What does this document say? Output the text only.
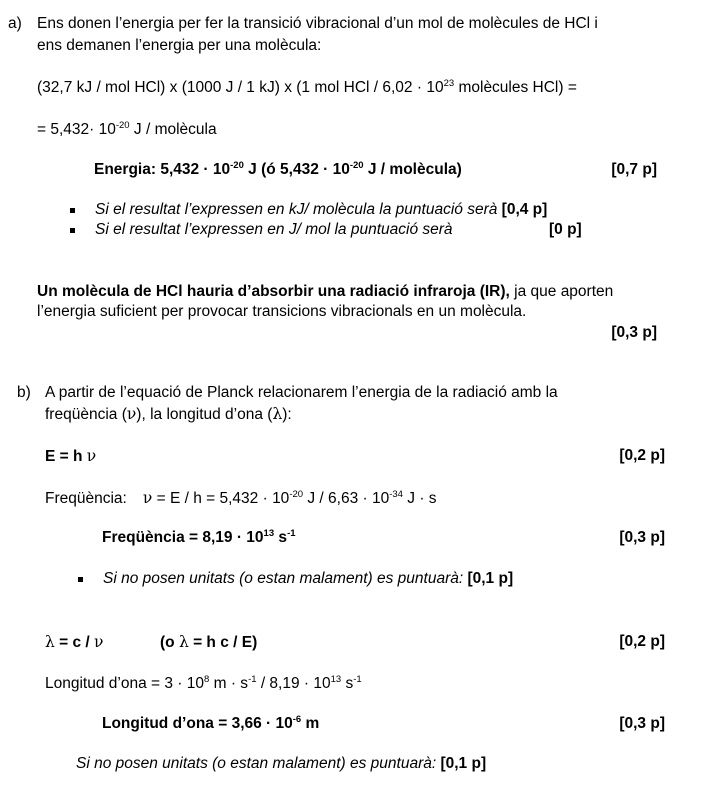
a) Ens donen l’energia per fer la transició vibracional d’un mol de molècules de HCl i
ens demanen l’energia per una molècula:
(32,7 kJ / mol HCl) x (1000 J / 1 kJ) x (1 mol HCl / $6,02 \cdot 10^{23}$ molècules HCl) =
= $5,432\cdot 10^{-20}$ J / molècula
Energia: $5,432 \cdot 10^{-20}$ J (ó $5,432 \cdot 10^{-20}$ J / molècula)	[0,7 p]
Si el resultat l’expressen en kJ/ molècula la puntuació serà [0,4 p]
Si el resultat l’expressen en J/ mol la puntuació serà	[0 p]
Un molècula de HCl hauria d’absorbir una radiació infraroja (IR), ja que aporten
l’energia suficient per provocar transicions vibracionals en un molècula.
[0,3 p]
b) A partir de l’equació de Planck relacionarem l’energia de la radiació amb la
freqüència (ν), la longitud d’ona (λ):
E = h ν	[0,2 p]
Freqüència: $\nu = E / h = 5,432 \cdot 10^{-20}$ $J / 6,63 \cdot 10^{-34}$ J · s
Freqüència = $8,19 \cdot 10^{13}$ $s^{-1}$	[0,3 p]
Si no posen unitats (o estan malament) es puntuarà: [0,1 p]
λ = c / ν	(o λ = h c / E)	[0,2 p]
Longitud d’ona = $3 \cdot 10^8$ $m \cdot s^{-1} / 8,19 \cdot 10^{13}$ $s^{-1}$
Longitud d’ona = $3,66 \cdot 10^{-6}$ m	[0,3 p]
Si no posen unitats (o estan malament) es puntuarà: [0,1 p]
